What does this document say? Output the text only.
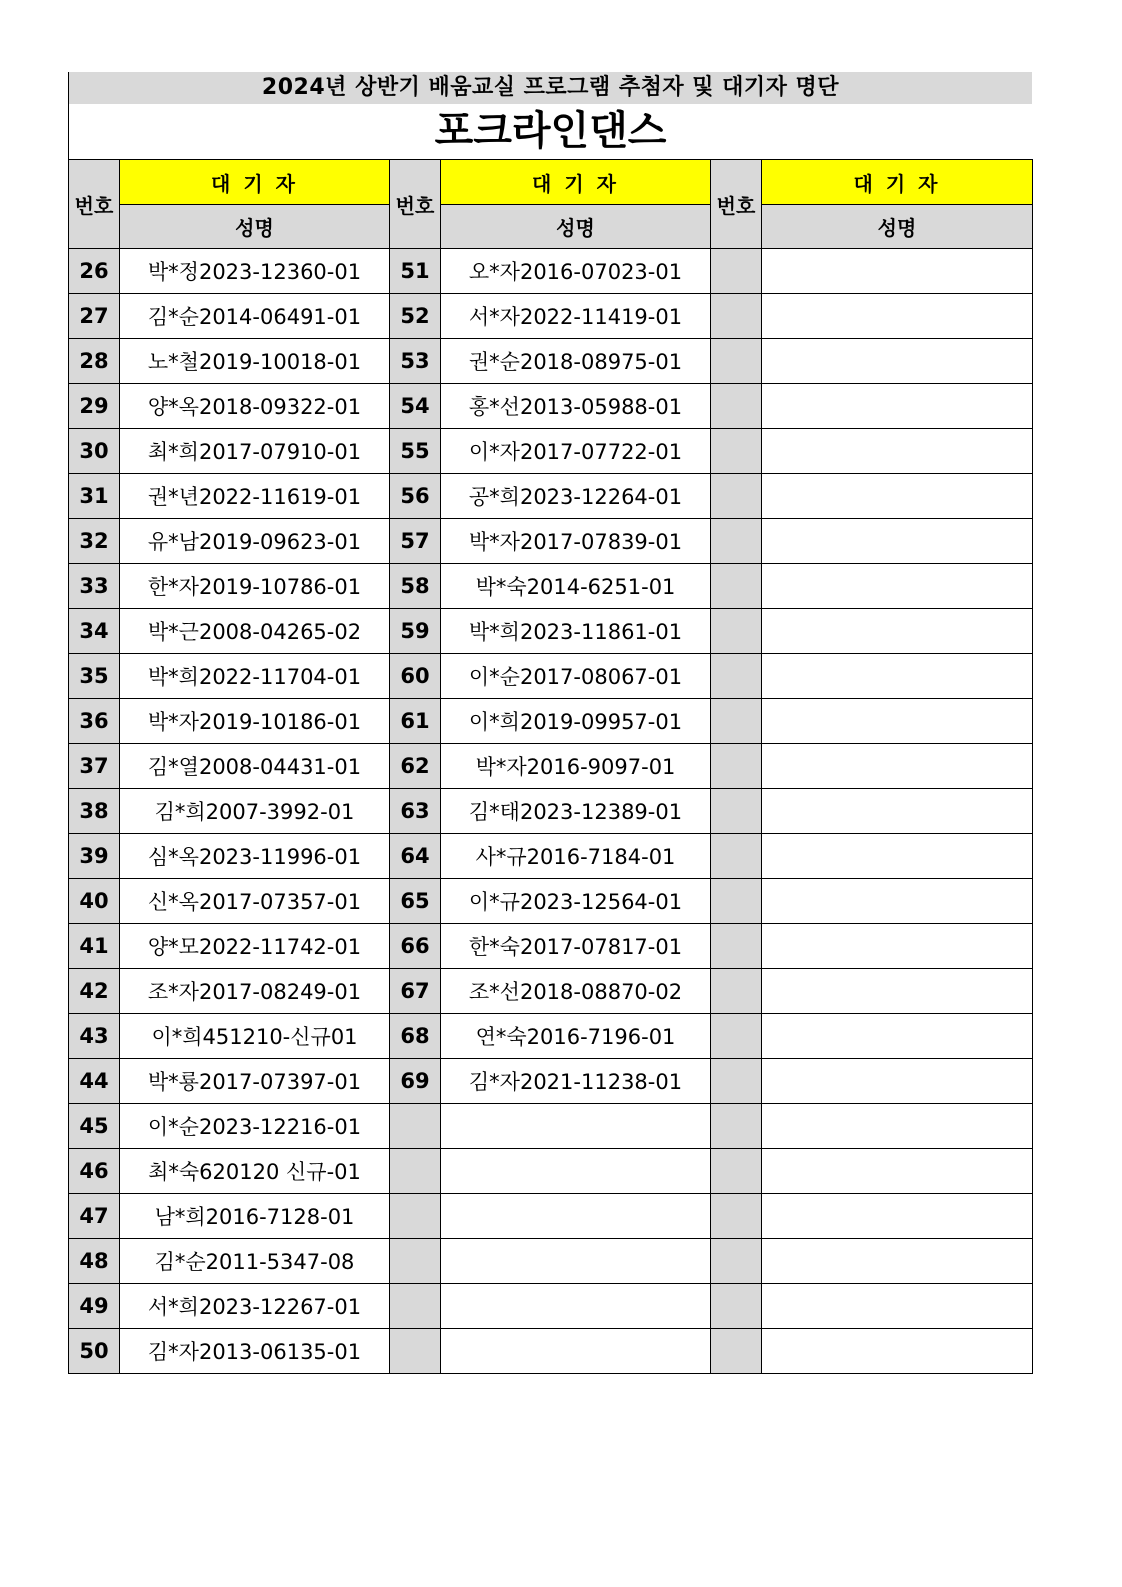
2024년 상반기 배움교실 프로그램 추첨자 및 대기자 명단
포크라인댄스
번호	대 기 자	번호	대 기 자	번호	대 기 자
	성명		성명		성명
26	박*정2023-12360-01	51	오*자2016-07023-01		
27	김*순2014-06491-01	52	서*자2022-11419-01		
28	노*철2019-10018-01	53	권*순2018-08975-01		
29	양*옥2018-09322-01	54	홍*선2013-05988-01		
30	최*희2017-07910-01	55	이*자2017-07722-01		
31	권*년2022-11619-01	56	공*희2023-12264-01		
32	유*남2019-09623-01	57	박*자2017-07839-01		
33	한*자2019-10786-01	58	박*숙2014-6251-01		
34	박*근2008-04265-02	59	박*희2023-11861-01		
35	박*희2022-11704-01	60	이*순2017-08067-01		
36	박*자2019-10186-01	61	이*희2019-09957-01		
37	김*열2008-04431-01	62	박*자2016-9097-01		
38	김*희2007-3992-01	63	김*태2023-12389-01		
39	심*옥2023-11996-01	64	사*규2016-7184-01		
40	신*옥2017-07357-01	65	이*규2023-12564-01		
41	양*모2022-11742-01	66	한*숙2017-07817-01		
42	조*자2017-08249-01	67	조*선2018-08870-02		
43	이*희451210-신규01	68	연*숙2016-7196-01		
44	박*룡2017-07397-01	69	김*자2021-11238-01		
45	이*순2023-12216-01				
46	최*숙620120 신규-01				
47	남*희2016-7128-01				
48	김*순2011-5347-08				
49	서*희2023-12267-01				
50	김*자2013-06135-01				
